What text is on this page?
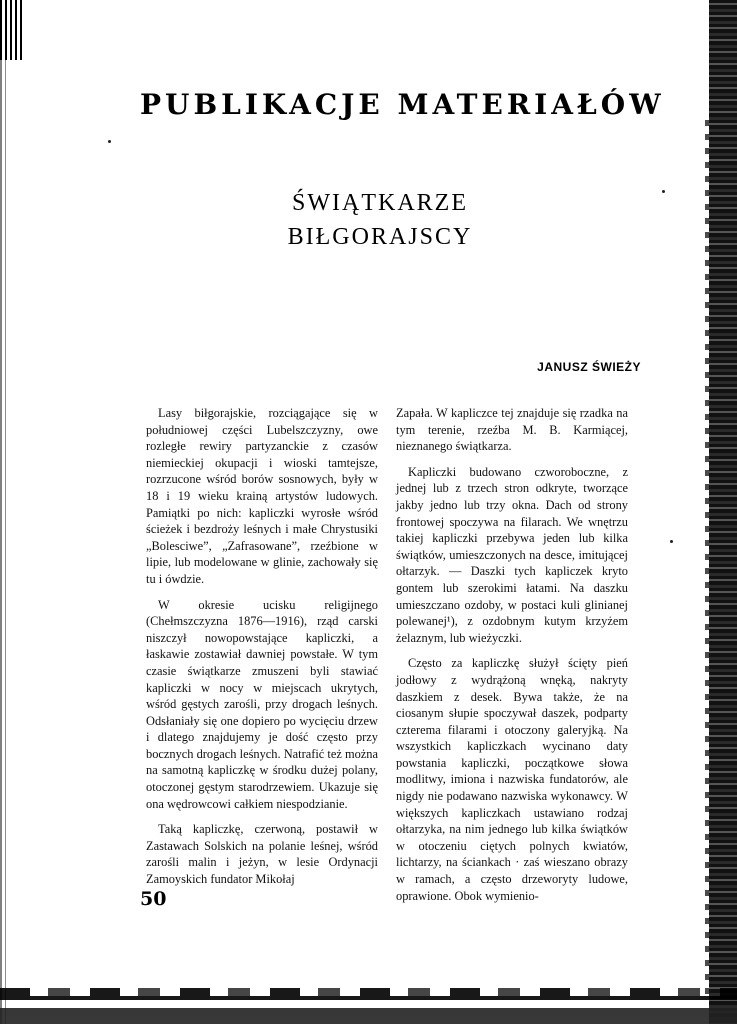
PUBLIKACJE MATERIAŁÓW
ŚWIĄTKARZE
BIŁGORAJSCY
JANUSZ ŚWIEŻY

Lasy biłgorajskie, rozciągające się w południowej części Lubelszczyzny, owe rozległe rewiry partyzanckie z czasów niemieckiej okupacji i wioski tamtejsze, rozrzucone wśród borów sosnowych, były w 18 i 19 wieku krainą artystów ludowych. Pamiątki po nich: kapliczki wyrosłe wśród ścieżek i bezdroży leśnych i małe Chrystusiki „Bolesciwe”, „Zafrasowane”, rzeźbione w lipie, lub modelowane w glinie, zachowały się tu i ówdzie.

W okresie ucisku religijnego (Chełmszczyzna 1876—1916), rząd carski niszczył nowopowstające kapliczki, a łaskawie zostawiał dawniej powstałe. W tym czasie świątkarze zmuszeni byli stawiać kapliczki w nocy w miejscach ukrytych, wśród gęstych zarośli, przy drogach leśnych. Odsłaniały się one dopiero po wycięciu drzew i dlatego znajdujemy je dość często przy bocznych drogach leśnych. Natrafić też można na samotną kapliczkę w środku dużej polany, otoczonej gęstym starodrzewiem. Ukazuje się ona wędrowcowi całkiem niespodzianie.

Taką kapliczkę, czerwoną, postawił w Zastawach Solskich na polanie leśnej, wśród zarośli malin i jeżyn, w lesie Ordynacji Zamoyskich fundator Mikołaj

Zapała. W kapliczce tej znajduje się rzadka na tym terenie, rzeźba M. B. Karmiącej, nieznanego świątkarza.

Kapliczki budowano czworoboczne, z jednej lub z trzech stron odkryte, tworzące jakby jedno lub trzy okna. Dach od strony frontowej spoczywa na filarach. We wnętrzu takiej kapliczki przebywa jeden lub kilka świątków, umieszczonych na desce, imitującej ołtarzyk. — Daszki tych kapliczek kryto gontem lub szerokimi łatami. Na daszku umieszczano ozdoby, w postaci kuli glinianej polewanej¹), z ozdobnym kutym krzyżem żelaznym, lub wieżyczki.

Często za kapliczkę służył ścięty pień jodłowy z wydrążoną wnęką, nakryty daszkiem z desek. Bywa także, że na ciosanym słupie spoczywał daszek, podparty czterema filarami i otoczony galeryjką. Na wszystkich kapliczkach wycinano daty powstania kapliczki, początkowe słowa modlitwy, imiona i nazwiska fundatorów, ale nigdy nie podawano nazwiska wykonawcy. W większych kapliczkach ustawiano rodzaj ołtarzyka, na nim jednego lub kilka świątków w otoczeniu ciętych polnych kwiatów, lichtarzy, na ściankach · zaś wieszano obrazy w ramach, a często drzeworyty ludowe, oprawione. Obok wymienio-

50
